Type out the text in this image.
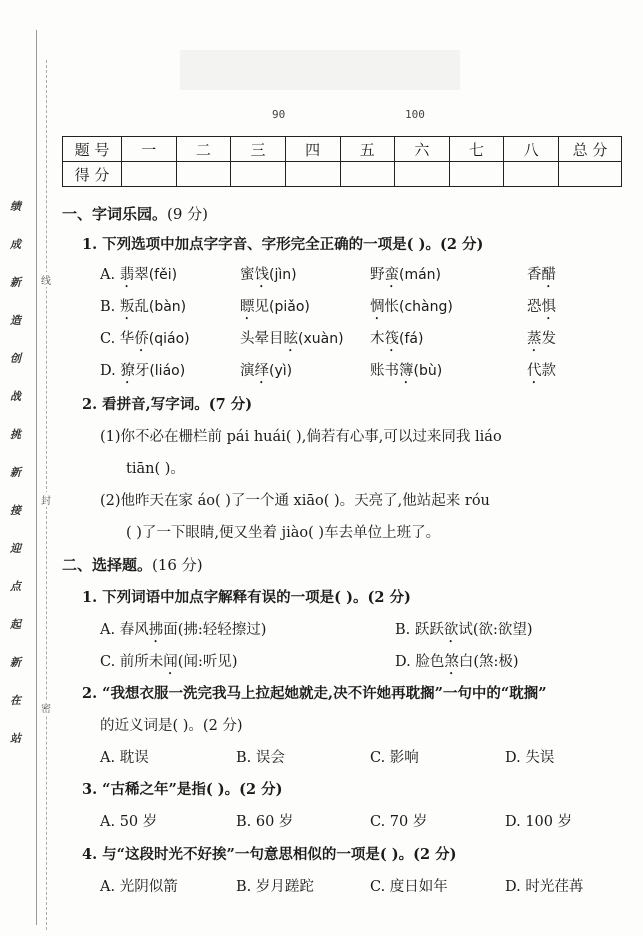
站
在
新
起
点
迎
接
新
挑
战
创
造
新
成
绩
线
封
密
90	100
题 号	一	二	三	四	五	六	七	八	总 分
得 分									
一、字词乐园。(9 分)
1. 下列选项中加点字字音、字形完全正确的一项是( )。(2 分)
A. 翡翠(fěi)	蜜饯(jìn)	野蛮(mán)	香醋
B. 叛乱(bàn)	瞟见(piǎo)	惆怅(chàng)	恐惧
C. 华侨(qiáo)	头晕目眩(xuàn) 木筏(fá)	蒸发
D. 獠牙(liáo)	演绎(yì)	账书簿(bù)	代款
2. 看拼音,写字词。(7 分)
(1)你不必在栅栏前 pái huái( ),倘若有心事,可以过来同我 liáo
tiān( )。
(2)他昨天在家 áo( )了一个通 xiāo( )。天亮了,他站起来 róu
( )了一下眼睛,便又坐着 jiào( )车去单位上班了。
二、选择题。(16 分)
1. 下列词语中加点字解释有误的一项是( )。(2 分)
A. 春风拂面(拂:轻轻擦过)	B. 跃跃欲试(欲:欲望)
C. 前所未闻(闻:听见)	D. 脸色煞白(煞:极)
2. “我想衣服一洗完我马上拉起她就走,决不许她再耽搁”一句中的“耽搁”
的近义词是( )。(2 分)
A. 耽误	B. 误会	C. 影响	D. 失误
3. “古稀之年”是指( )。(2 分)
A. 50 岁	B. 60 岁	C. 70 岁	D. 100 岁
4. 与“这段时光不好挨”一句意思相似的一项是( )。(2 分)
A. 光阴似箭	B. 岁月蹉跎	C. 度日如年	D. 时光荏苒
